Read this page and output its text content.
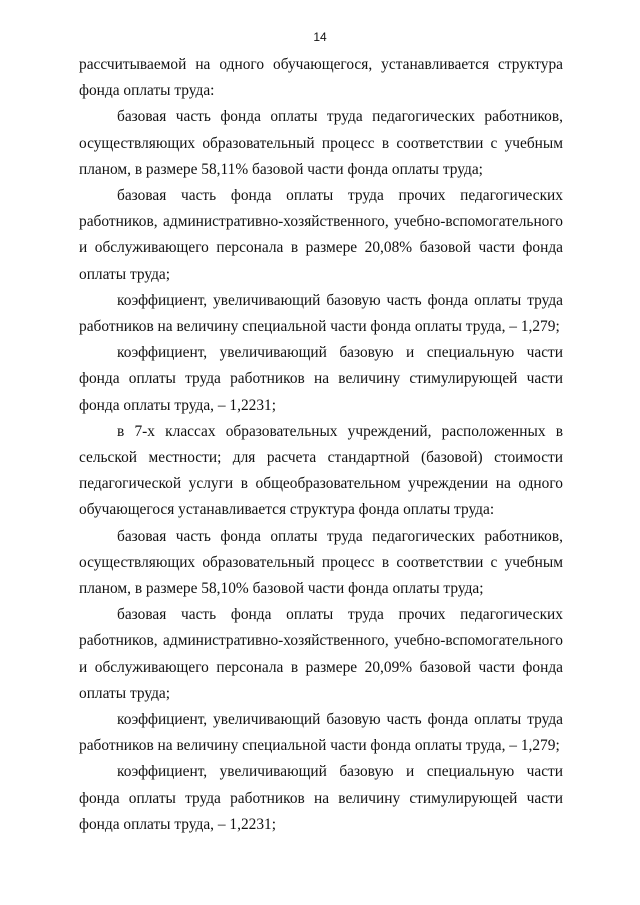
14

рассчитываемой на одного обучающегося, устанавливается структура фонда оплаты труда:

базовая часть фонда оплаты труда педагогических работников, осуществляющих образовательный процесс в соответствии с учебным планом, в размере 58,11% базовой части фонда оплаты труда;

базовая часть фонда оплаты труда прочих педагогических работников, административно-хозяйственного, учебно-вспомогательного и обслуживающего персонала в размере 20,08% базовой части фонда оплаты труда;

коэффициент, увеличивающий базовую часть фонда оплаты труда работников на величину специальной части фонда оплаты труда, – 1,279;

коэффициент, увеличивающий базовую и специальную части фонда оплаты труда работников на величину стимулирующей части фонда оплаты труда, – 1,2231;

в 7-х классах образовательных учреждений, расположенных в сельской местности; для расчета стандартной (базовой) стоимости педагогической услуги в общеобразовательном учреждении на одного обучающегося устанавливается структура фонда оплаты труда:

базовая часть фонда оплаты труда педагогических работников, осуществляющих образовательный процесс в соответствии с учебным планом, в размере 58,10% базовой части фонда оплаты труда;

базовая часть фонда оплаты труда прочих педагогических работников, административно-хозяйственного, учебно-вспомогательного и обслуживающего персонала в размере 20,09% базовой части фонда оплаты труда;

коэффициент, увеличивающий базовую часть фонда оплаты труда работников на величину специальной части фонда оплаты труда, – 1,279;

коэффициент, увеличивающий базовую и специальную части фонда оплаты труда работников на величину стимулирующей части фонда оплаты труда, – 1,2231;
